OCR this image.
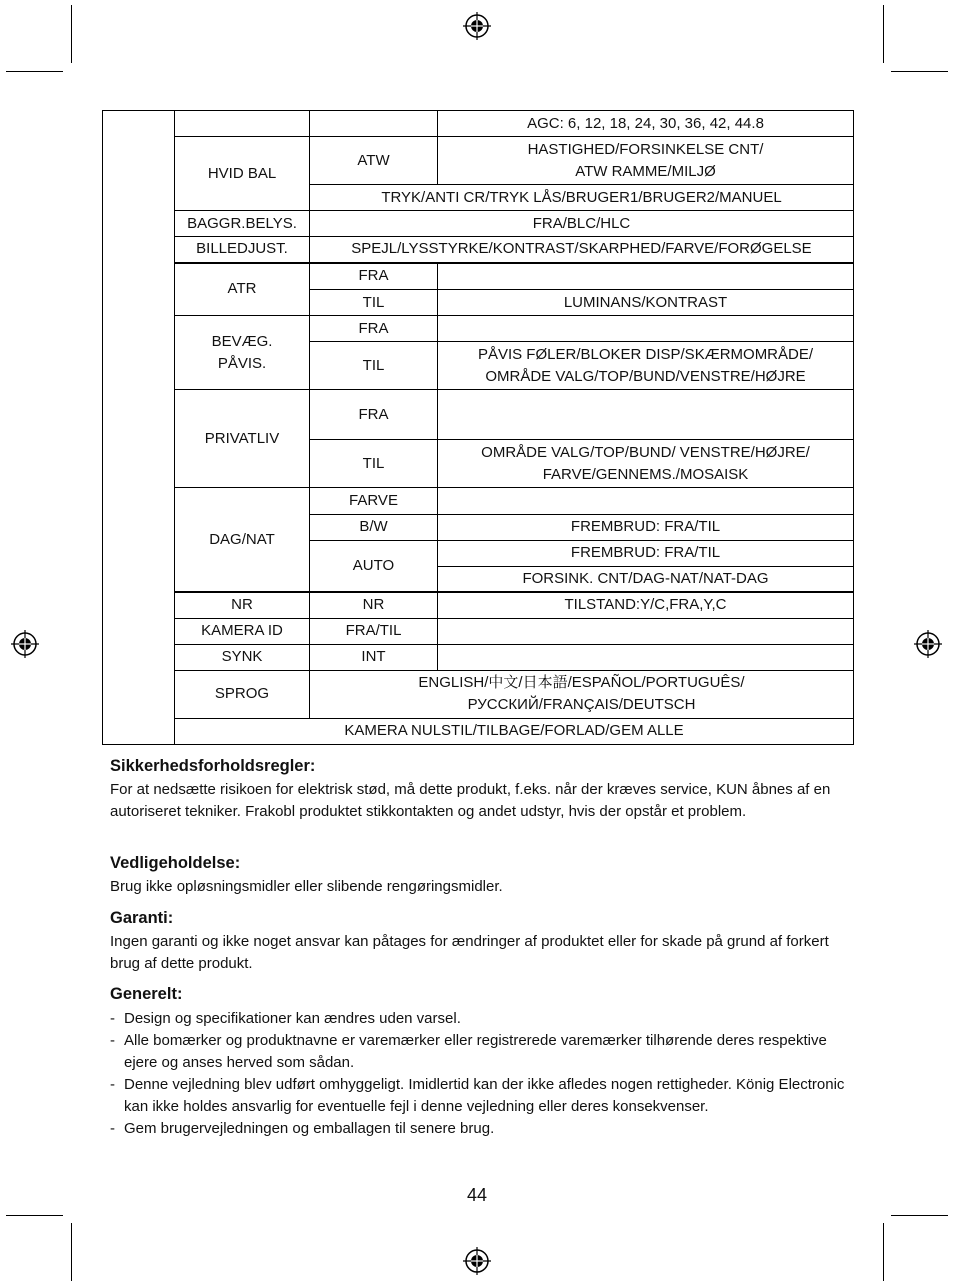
			AGC: 6, 12, 18, 24, 30, 36, 42, 44.8
	HVID BAL	ATW	HASTIGHED/FORSINKELSE CNT/
ATW RAMME/MILJØ

		TRYK/ANTI CR/TRYK LÅS/BRUGER1/BRUGER2/MANUEL	
	BAGGR.BELYS.	FRA/BLC/HLC	
	BILLEDJUST.	SPEJL/LYSSTYRKE/KONTRAST/SKARPHED/FARVE/FORØGELSE	
	ATR	FRA	
		TIL	LUMINANS/KONTRAST

	BEVÆG.
PÅVIS.	FRA	
		TIL	PÅVIS FØLER/BLOKER DISP/SKÆRMOMRÅDE/
OMRÅDE VALG/TOP/BUND/VENSTRE/HØJRE

	PRIVATLIV	FRA	
		TIL	OMRÅDE VALG/TOP/BUND/ VENSTRE/HØJRE/
FARVE/GENNEMS./MOSAISK

	DAG/NAT	FARVE	
		B/W	FREMBRUD: FRA/TIL
		AUTO	FREMBRUD: FRA/TIL
			FORSINK. CNT/DAG-NAT/NAT-DAG
	NR	NR	TILSTAND:Y/C,FRA,Y,C
	KAMERA ID	FRA/TIL	
	SYNK	INT	
	SPROG	ENGLISH/中文/日本語/ESPAÑOL/PORTUGUÊS/
РУССКИЙ/FRANÇAIS/DEUTSCH	

	KAMERA NULSTIL/TILBAGE/FORLAD/GEM ALLE		
Sikkerhedsforholdsregler:

For at nedsætte risikoen for elektrisk stød, må dette produkt, f.eks. når der kræves service, KUN åbnes af en autoriseret tekniker. Frakobl produktet stikkontakten og andet udstyr, hvis der opstår et problem.

Vedligeholdelse:

Brug ikke opløsningsmidler eller slibende rengøringsmidler.

Garanti:

Ingen garanti og ikke noget ansvar kan påtages for ændringer af produktet eller for skade på grund af forkert brug af dette produkt.

Generelt:
- Design og specifikationer kan ændres uden varsel.
- Alle bomærker og produktnavne er varemærker eller registrerede varemærker tilhørende deres respektive ejere og anses herved som sådan.
- Denne vejledning blev udført omhyggeligt. Imidlertid kan der ikke afledes nogen rettigheder. König Electronic kan ikke holdes ansvarlig for eventuelle fejl i denne vejledning eller deres konsekvenser.
- Gem brugervejledningen og emballagen til senere brug.
44
